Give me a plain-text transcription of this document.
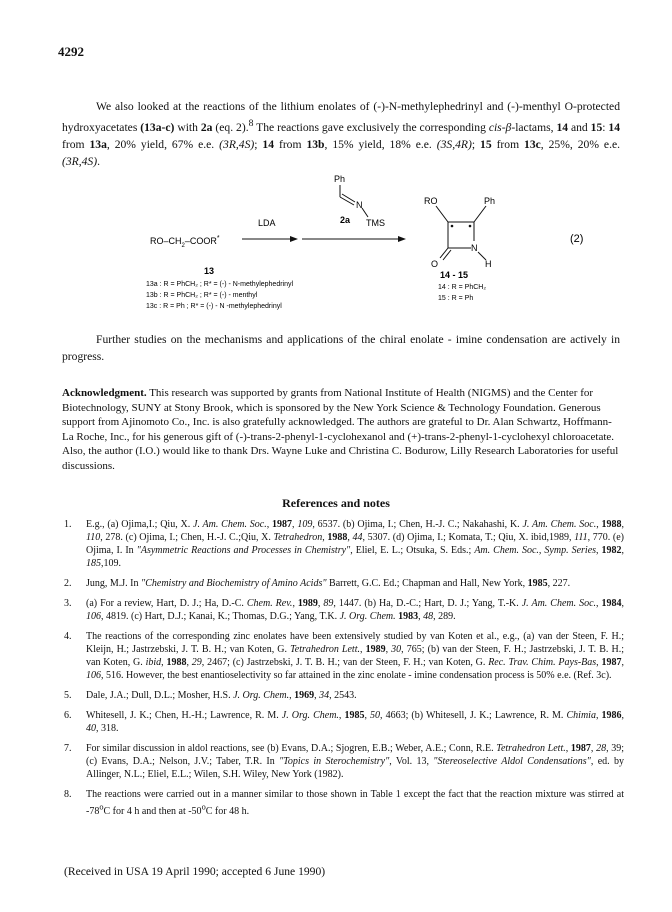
4292
We also looked at the reactions of the lithium enolates of (-)-N-methylephedrinyl and (-)-menthyl O-protected hydroxyacetates (13a-c) with 2a (eq. 2).$^8$ The reactions gave exclusively the corresponding cis-β-lactams, 14 and 15: 14 from 13a, 20% yield, 67% e.e. (3R,4S); 14 from 13b, 15% yield, 18% e.e. (3S,4R); 15 from 13c, 25%, 20% e.e. (3R,4S).
Ph
N
TMS
2a
$RO-CH_2-COOR^*$
LDA
13
13a : R = PhCH₂ ; R* = (-) - N-methylephedrinyl
13b : R = PhCH₂ ; R* = (-) - menthyl
13c : R = Ph ; R* = (-) - N -methylephedrinyl
RO	Ph
N
H
O
14 - 15
14 : R = PhCH₂
15 : R = Ph
(2)
Further studies on the mechanisms and applications of the chiral enolate - imine condensation are actively in progress.
Acknowledgment. This research was supported by grants from National Institute of Health (NIGMS) and the Center for Biotechnology, SUNY at Stony Brook, which is sponsored by the New York Science & Technology Foundation. Generous support from Ajinomoto Co., Inc. is also gratefully acknowledged. The authors are grateful to Dr. Alan Schwartz, Hoffmann-La Roche, Inc., for his generous gift of (-)-trans-2-phenyl-1-cyclohexanol and (+)-trans-2-phenyl-1-cyclohexyl chloroacetate. Also, the author (I.O.) would like to thank Drs. Wayne Luke and Christina C. Bodurow, Lilly Research Laboratories for useful discussions.
References and notes
1. E.g., (a) Ojima,I.; Qiu, X. J. Am. Chem. Soc., 1987, 109, 6537. (b) Ojima, I.; Chen, H.-J. C.; Nakahashi, K. J. Am. Chem. Soc., 1988, 110, 278. (c) Ojima, I.; Chen, H.-J. C.;Qiu, X. Tetrahedron, 1988, 44, 5307. (d) Ojima, I.; Komata, T.; Qiu, X. ibid,1989, 111, 770. (e) Ojima, I. In "Asymmetric Reactions and Processes in Chemistry", Eliel, E. L.; Otsuka, S. Eds.; Am. Chem. Soc., Symp. Series, 1982, 185,109.
2. Jung, M.J. In "Chemistry and Biochemistry of Amino Acids" Barrett, G.C. Ed.; Chapman and Hall, New York, 1985, 227.
3. (a) For a review, Hart, D. J.; Ha, D.-C. Chem. Rev., 1989, 89, 1447. (b) Ha, D.-C.; Hart, D. J.; Yang, T.-K. J. Am. Chem. Soc., 1984, 106, 4819. (c) Hart, D.J.; Kanai, K.; Thomas, D.G.; Yang, T.K. J. Org. Chem. 1983, 48, 289.
4. The reactions of the corresponding zinc enolates have been extensively studied by van Koten et al., e.g., (a) van der Steen, F. H.; Kleijn, H.; Jastrzebski, J. T. B. H.; van Koten, G. Tetrahedron Lett., 1989, 30, 765; (b) van der Steen, F. H.; Jastrzebski, J. T. B. H.; van Koten, G. ibid, 1988, 29, 2467; (c) Jastrzebski, J. T. B. H.; van der Steen, F. H.; van Koten, G. Rec. Trav. Chim. Pays-Bas, 1987, 106, 516. However, the best enantioselectivity so far attained in the zinc enolate - imine condensation process is 50% e.e. (Ref. 3c).
5. Dale, J.A.; Dull, D.L.; Mosher, H.S. J. Org. Chem., 1969, 34, 2543.
6. Whitesell, J. K.; Chen, H.-H.; Lawrence, R. M. J. Org. Chem., 1985, 50, 4663; (b) Whitesell, J. K.; Lawrence, R. M. Chimia, 1986, 40, 318.
7. For similar discussion in aldol reactions, see (b) Evans, D.A.; Sjogren, E.B.; Weber, A.E.; Conn, R.E. Tetrahedron Lett., 1987, 28, 39; (c) Evans, D.A.; Nelson, J.V.; Taber, T.R. In "Topics in Sterochemistry", Vol. 13, "Stereoselective Aldol Condensations", ed. by Allinger, N.L.; Eliel, E.L.; Wilen, S.H. Wiley, New York (1982).
8. The reactions were carried out in a manner similar to those shown in Table 1 except the fact that the reaction mixture was stirred at -78$^o$C for 4 h and then at -50$^o$C for 48 h.
(Received in USA 19 April 1990; accepted 6 June 1990)
